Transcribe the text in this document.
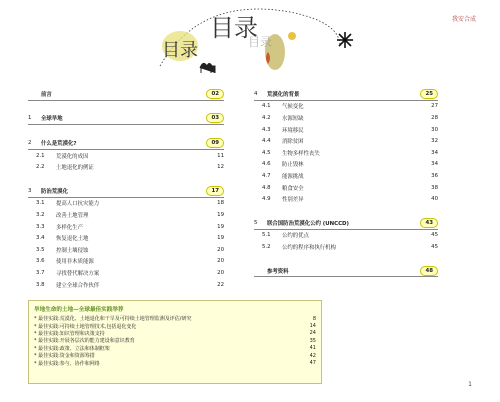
我安合成
目录
目录	目录
前言	02
1	全球旱地	03
2	什么是荒漠化?	09
2.1	荒漠化的成因	11
2.2	土地退化的例证	12
3	防治荒漠化	17
3.1	提高人口抗灾能力	18
3.2	改善土地管理	19
3.3	多样化生产	19
3.4	恢复退化土地	19
3.5	控制土壤侵蚀	20
3.6	使用非木质能源	20
3.7	寻找替代解决方案	20
3.8	建立全球合作伙伴	22
4	荒漠化的背景	25
4.1	气候变化	27
4.2	水源短缺	28
4.3	环境移民	30
4.4	消除贫困	32
4.5	生物多样性丧失	34
4.6	防止毁林	34
4.7	能源挑战	36
4.8	粮食安全	38
4.9	性别差异	40
5	联合国防治荒漠化公约 (UNCCD)	43
5.1	公约的优点	45
5.2	公约的程序和执行机构	45
参考资料	48
旱地生命的土地—全球最佳实践举荐
* 最佳实践:荒漠化、土地退化和干旱及可持续土地管理监测及评估/研究	8
* 最佳实践:可持续土地管理技术,包括退化变化	14
* 最佳实践:知识管理和决策支持	24
* 最佳实践:开展各层次的能力建设和意识教育	35
* 最佳实践:政策、立法和体制框架	41
* 最佳实践:资金和资源筹措	42
* 最佳实践:参与、协作和网络	47
1
